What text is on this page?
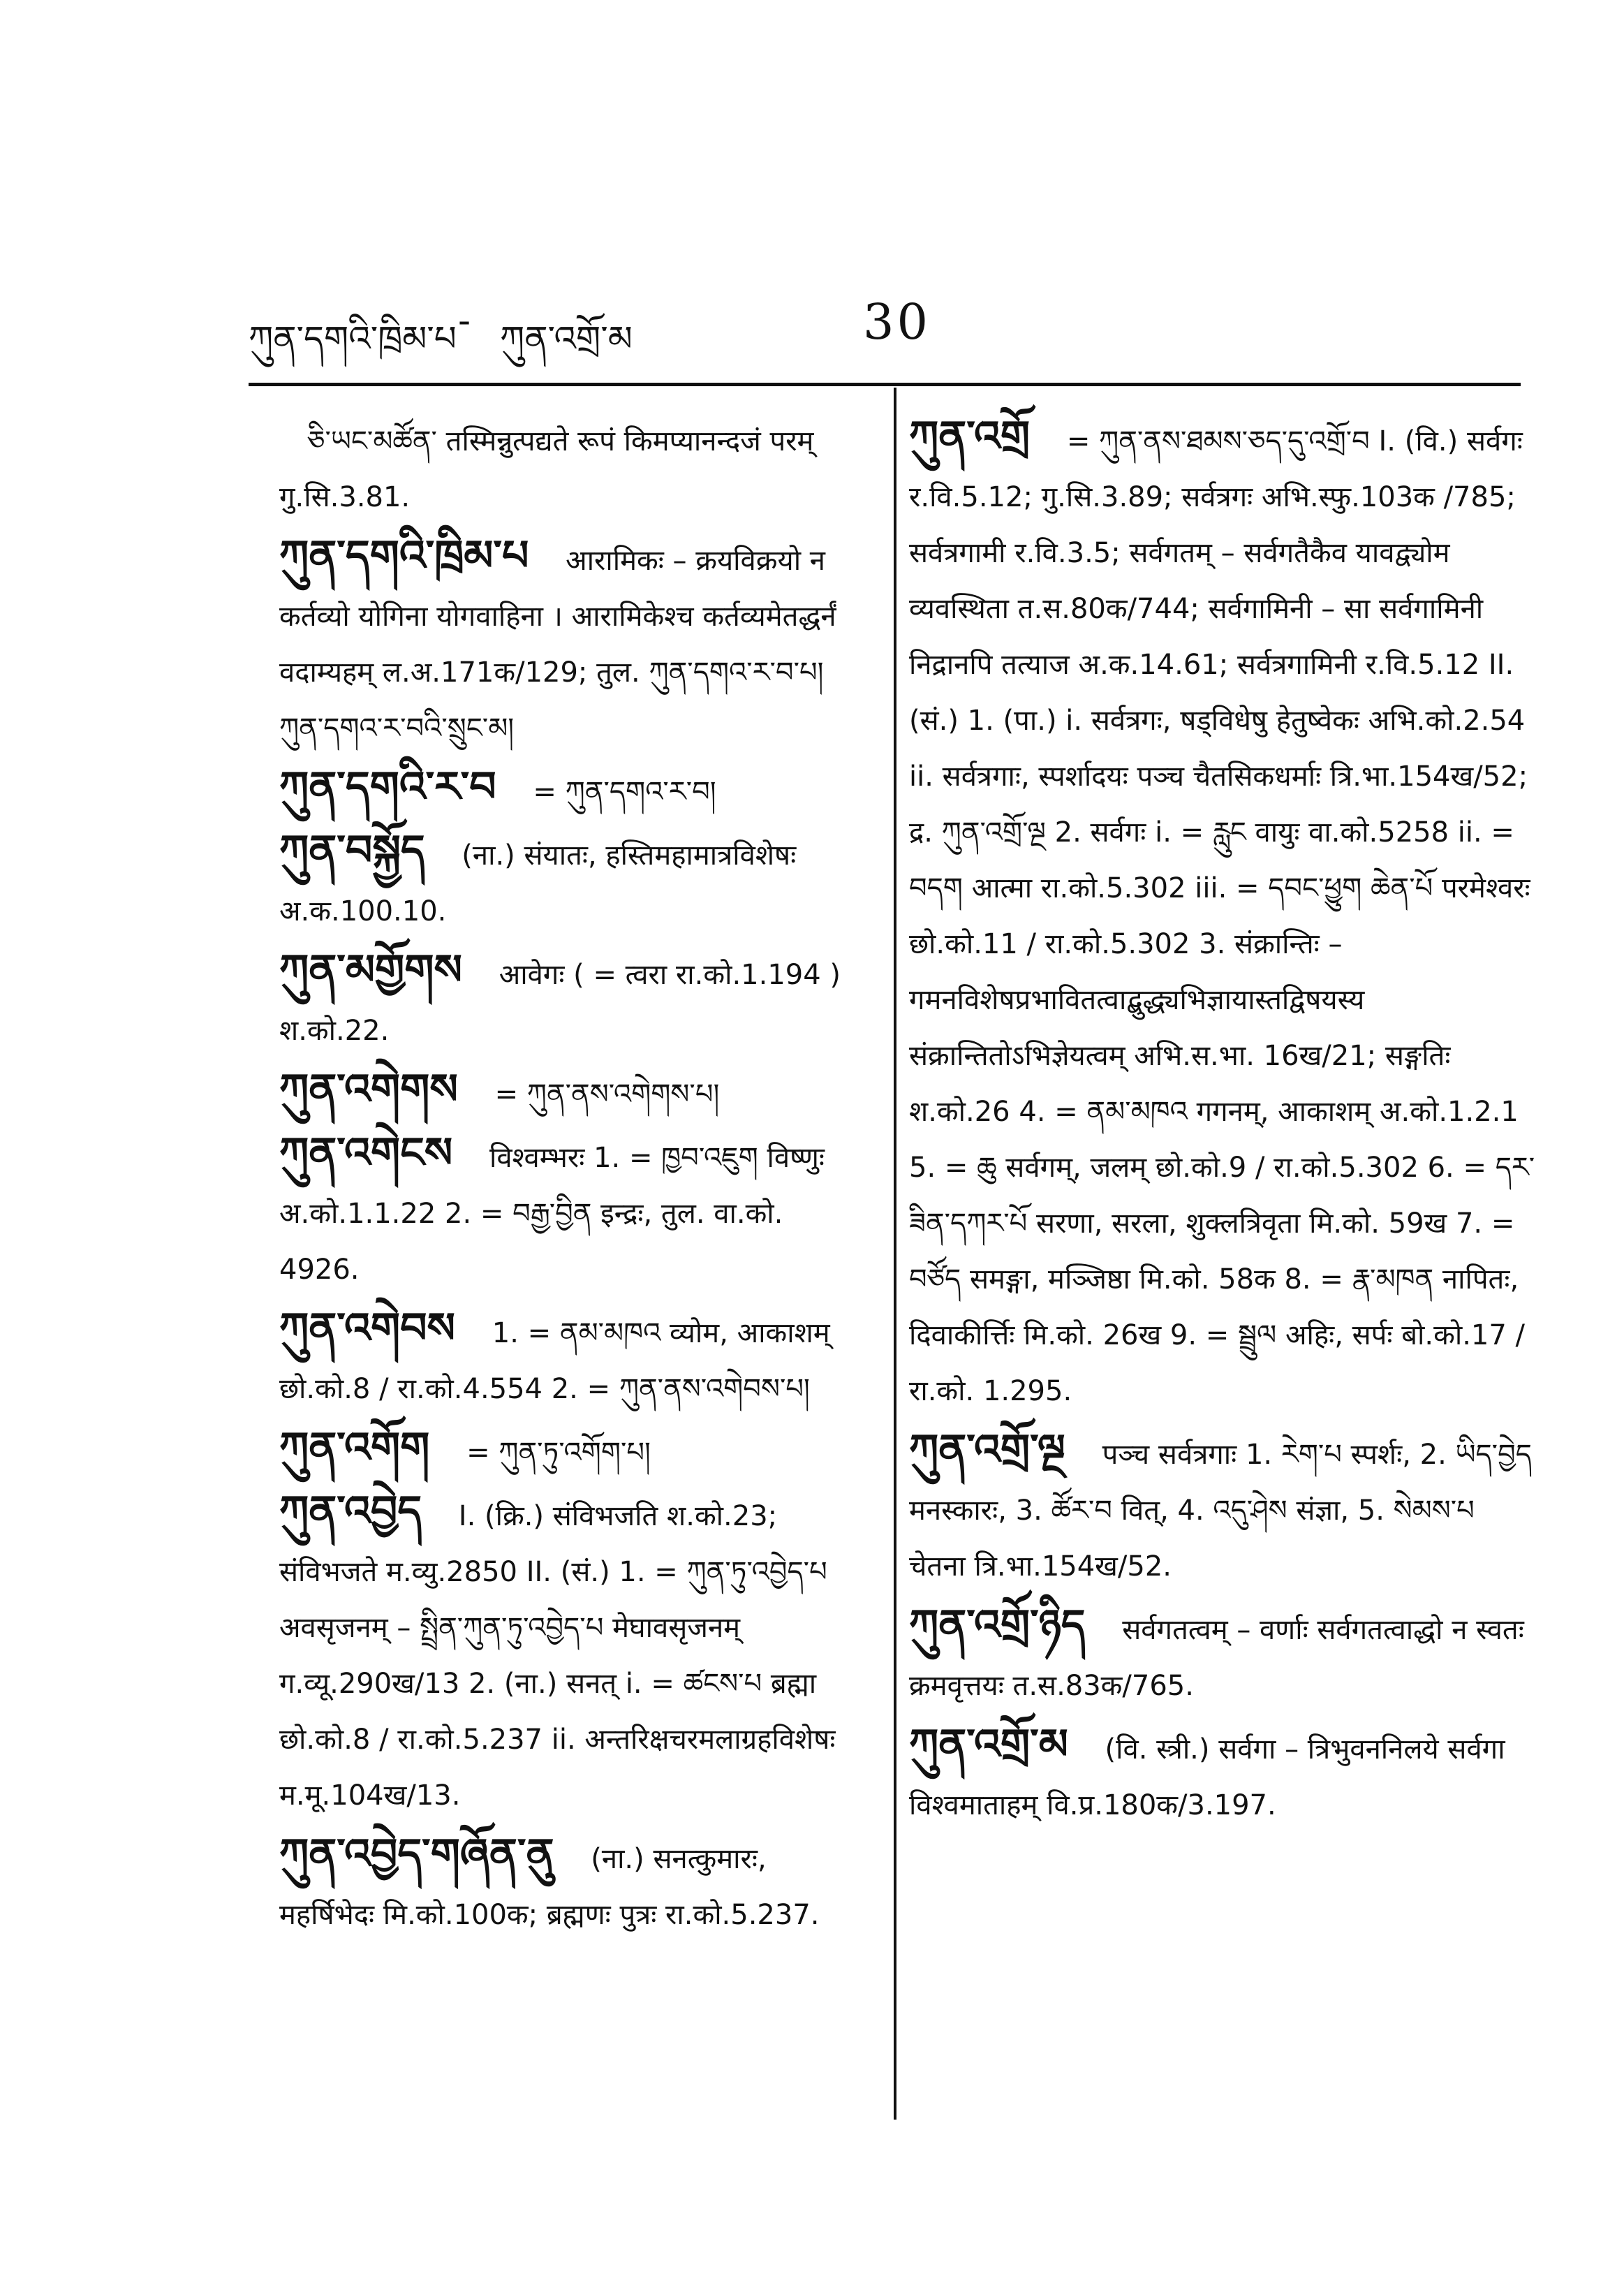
ཀུན་དགའི་ཁྲིམ་པ - ཀུན་འགྲོ་མ	30

ཅི་ཡང་མཚོན་ तस्मिन्नुत्पद्यते रूपं किमप्यानन्दजं परम् गु.सि.3.81.

ཀུན་དགའི་ཁྲིམ་པ आरामिकः – क्रयविक्रयो न कर्तव्यो योगिना योगवाहिना । आरामिकेश्च कर्तव्यमेतद्धर्नं वदाम्यहम् ल.अ.171क/129; तुल. ཀུན་དགའ་ར་བ་པ། ཀུན་དགའ་ར་བའི་སྲུང་མ།

ཀུན་དགའི་ར་བ = ཀུན་དགའ་ར་བ།

ཀུན་བསྐྱོད (ना.) संयातः, हस्तिमहामात्रविशेषः अ.क.100.10.

ཀུན་མགྱོགས आवेगः ( = त्वरा रा.को.1.194 ) श.को.22.

ཀུན་འགེགས = ཀུན་ནས་འགེགས་པ།

ཀུན་འགེངས विश्वम्भरः 1. = ཁྱབ་འཇུག विष्णुः अ.को.1.1.22 2. = བརྒྱ་བྱིན इन्द्रः, तुल. वा.को. 4926.

ཀུན་འགེབས 1. = ནམ་མཁའ व्योम, आकाशम् छो.को.8 / रा.को.4.554 2. = ཀུན་ནས་འགེབས་པ།

ཀུན་འགོག = ཀུན་ཏུ་འགོག་པ།

ཀུན་འབྱེད I. (क्रि.) संविभजति श.को.23; संविभजते म.व्यु.2850 II. (सं.) 1. = ཀུན་ཏུ་འབྱེད་པ अवसृजनम् – སྤྲིན་ཀུན་ཏུ་འབྱེད་པ मेघावसृजनम् ग.व्यू.290ख/13 2. (ना.) सनत् i. = ཚངས་པ ब्रह्मा छो.को.8 / रा.को.5.237 ii. अन्तरिक्षचरमलाग्रहविशेषः म.मू.104ख/13.

ཀུན་འབྱེད་གཞོན་ནུ (ना.) सनत्कुमारः, महर्षिभेदः मि.को.100क; ब्रह्मणः पुत्रः रा.को.5.237.

ཀུན་འགྲོ = ཀུན་ནས་ཐམས་ཅད་དུ་འགྲོ་བ I. (वि.) सर्वगः र.वि.5.12; गु.सि.3.89; सर्वत्रगः अभि.स्फु.103क /785; सर्वत्रगामी र.वि.3.5; सर्वगतम् – सर्वगतैकैव यावद्व्योम व्यवस्थिता त.स.80क/744; सर्वगामिनी – सा सर्वगामिनी निद्रानपि तत्याज अ.क.14.61; सर्वत्रगामिनी र.वि.5.12 II. (सं.) 1. (पा.) i. सर्वत्रगः, षड्विधेषु हेतुष्वेकः अभि.को.2.54 ii. सर्वत्रगाः, स्पर्शादयः पञ्च चैतसिकधर्माः त्रि.भा.154ख/52; द्र. ཀུན་འགྲོ་ལྔ 2. सर्वगः i. = རླུང वायुः वा.को.5258 ii. = བདག आत्मा रा.को.5.302 iii. = དབང་ཕྱུག ཆེན་པོ परमेश्वरः छो.को.11 / रा.को.5.302 3. संक्रान्तिः – गमनविशेषप्रभावितत्वाद्बुद्ध्यभिज्ञायास्तद्विषयस्य संक्रान्तितोऽभिज्ञेयत्वम् अभि.स.भा. 16ख/21; सङ्गतिः श.को.26 4. = ནམ་མཁའ गगनम्, आकाशम् अ.को.1.2.1 5. = ཆུ सर्वगम्, जलम् छो.को.9 / रा.को.5.302 6. = དར་ཟིན་དཀར་པོ सरणा, सरला, शुक्लत्रिवृता मि.को. 59ख 7. = བཙོད समङ्गा, मञ्जिष्ठा मि.को. 58क 8. = རྣ་མཁན नापितः, दिवाकीर्त्तिः मि.को. 26ख 9. = སྦྲུལ अहिः, सर्पः बो.को.17 / रा.को. 1.295.

ཀུན་འགྲོ་ལྔ पञ्च सर्वत्रगाः 1. རེག་པ स्पर्शः, 2. ཡིད་བྱེད मनस्कारः, 3. ཚོར་བ वित्, 4. འདུ་ཤེས संज्ञा, 5. སེམས་པ चेतना त्रि.भा.154ख/52.

ཀུན་འགྲོ་ཉིད सर्वगतत्वम् – वर्णाः सर्वगतत्वाद्धो न स्वतः क्रमवृत्तयः त.स.83क/765.

ཀུན་འགྲོ་མ (वि. स्त्री.) सर्वगा – त्रिभुवननिलये सर्वगा विश्वमाताहम् वि.प्र.180क/3.197.
